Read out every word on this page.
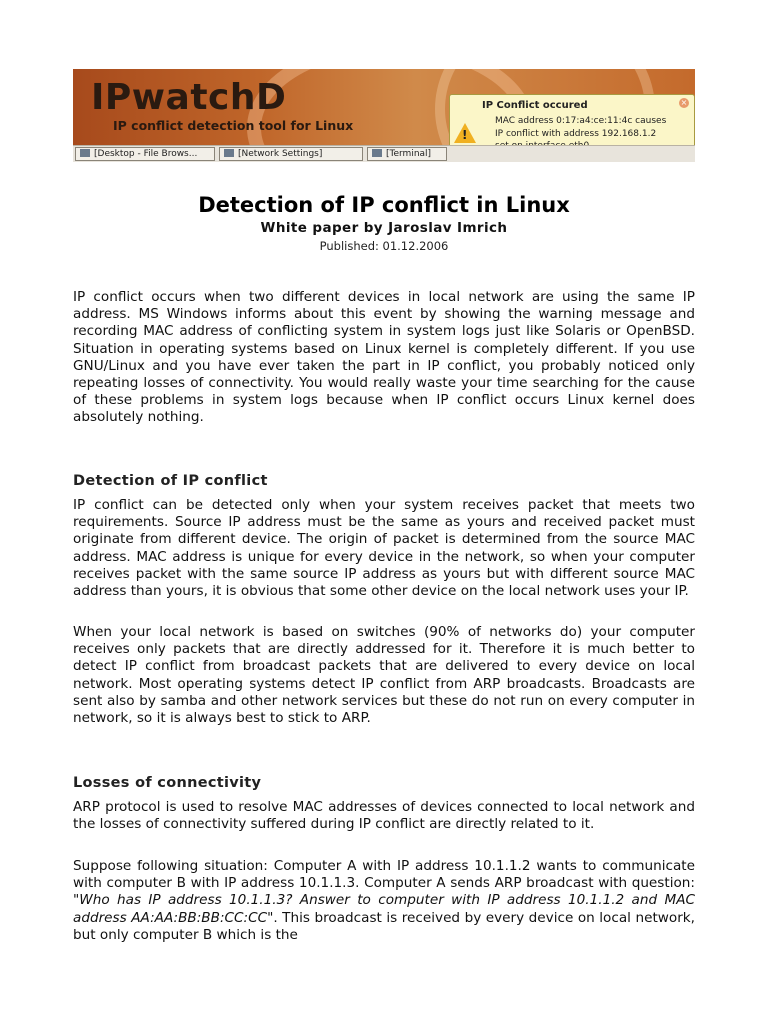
IPwatchD
IP conflict detection tool for Linux
IP Conflict occured	×
!
MAC address 0:17:a4:ce:11:4c causes
IP conflict with address 192.168.1.2
[Desktop - File Brows...	[Network Settings]	[Terminal]
Detection of IP conflict in Linux
White paper by Jaroslav Imrich
Published: 01.12.2006

IP conflict occurs when two different devices in local network are using the same IP address. MS Windows informs about this event by showing the warning message and recording MAC address of conflicting system in system logs just like Solaris or OpenBSD. Situation in operating systems based on Linux kernel is completely different. If you use GNU/Linux and you have ever taken the part in IP conflict, you probably noticed only repeating losses of connectivity. You would really waste your time searching for the cause of these problems in system logs because when IP conflict occurs Linux kernel does absolutely nothing.

Detection of IP conflict

IP conflict can be detected only when your system receives packet that meets two requirements. Source IP address must be the same as yours and received packet must originate from different device. The origin of packet is determined from the source MAC address. MAC address is unique for every device in the network, so when your computer receives packet with the same source IP address as yours but with different source MAC address than yours, it is obvious that some other device on the local network uses your IP.

When your local network is based on switches (90% of networks do) your computer receives only packets that are directly addressed for it. Therefore it is much better to detect IP conflict from broadcast packets that are delivered to every device on local network. Most operating systems detect IP conflict from ARP broadcasts. Broadcasts are sent also by samba and other network services but these do not run on every computer in network, so it is always best to stick to ARP.

Losses of connectivity

ARP protocol is used to resolve MAC addresses of devices connected to local network and the losses of connectivity suffered during IP conflict are directly related to it.

Suppose following situation: Computer A with IP address 10.1.1.2 wants to communicate with computer B with IP address 10.1.1.3. Computer A sends ARP broadcast with question: "Who has IP address 10.1.1.3? Answer to computer with IP address 10.1.1.2 and MAC address AA:AA:BB:BB:CC:CC". This broadcast is received by every device on local network, but only computer B which is the
